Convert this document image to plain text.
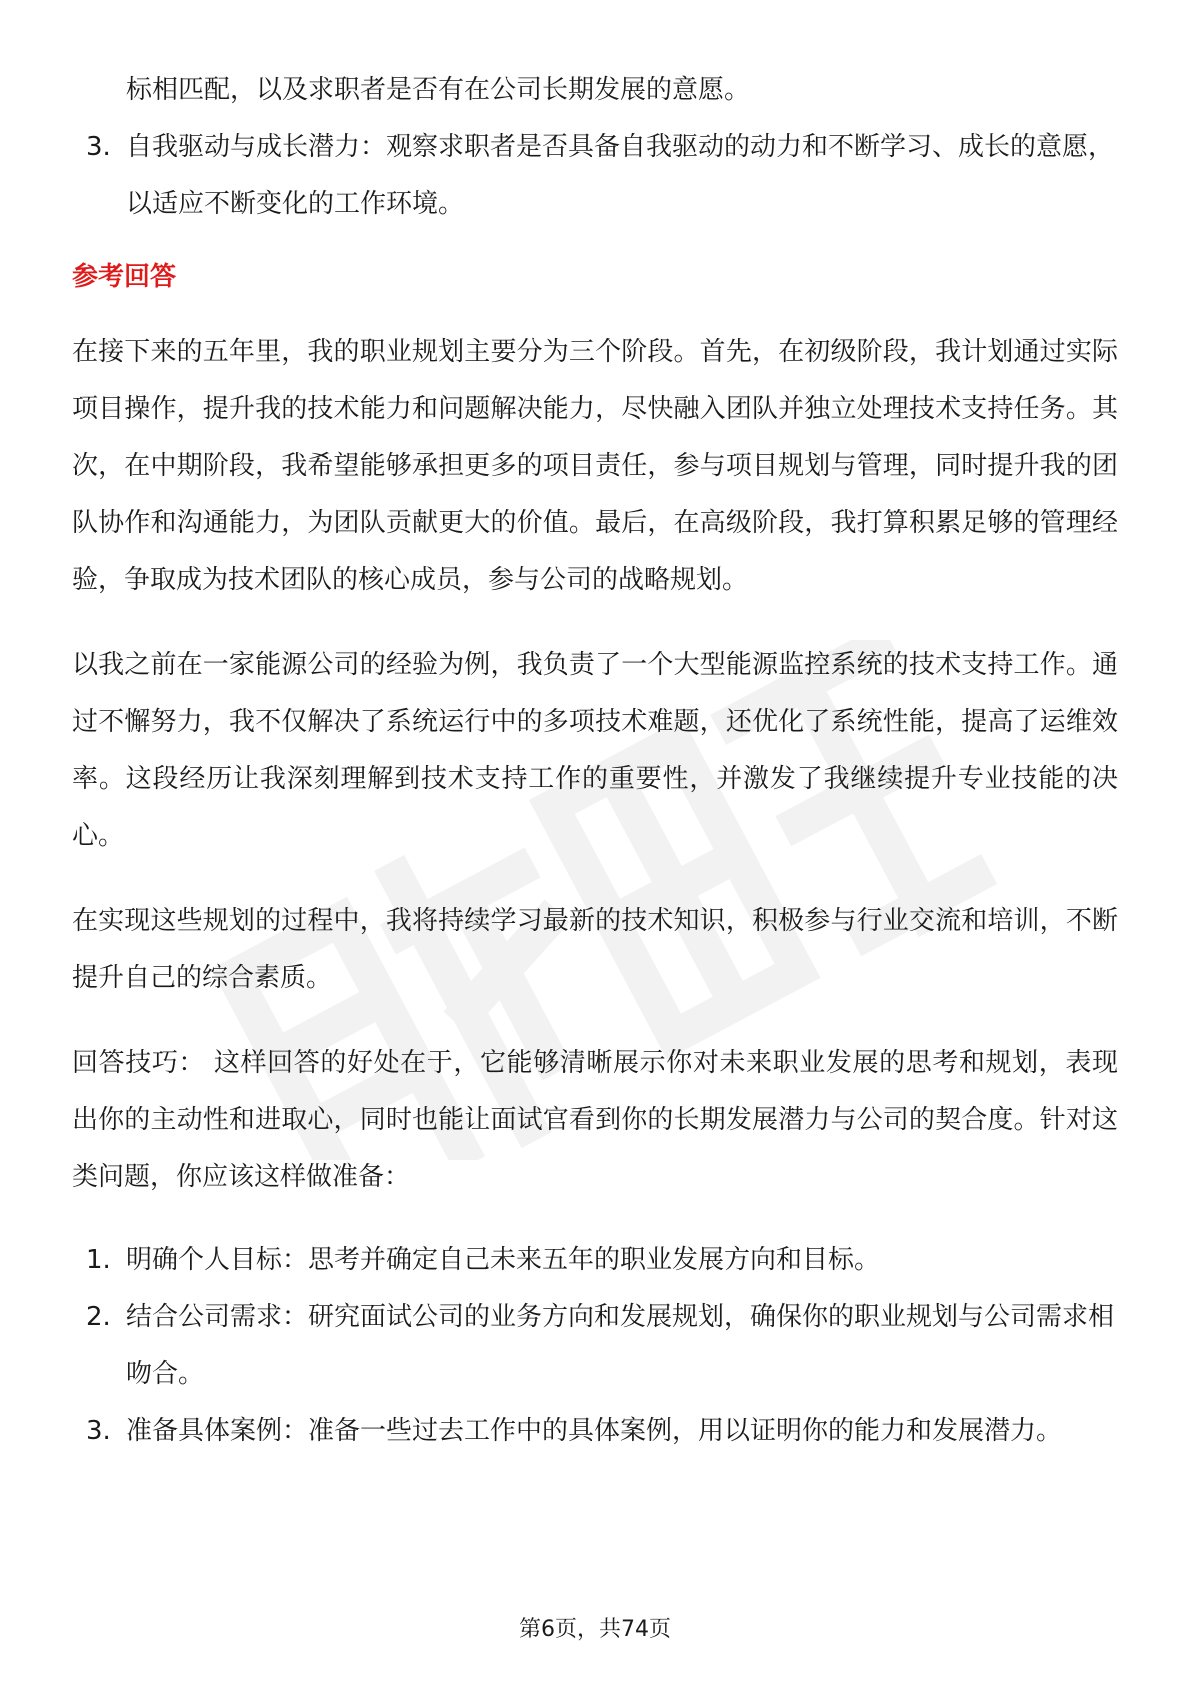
标相匹配，以及求职者是否有在公司长期发展的意愿。
3. 自我驱动与成长潜力：观察求职者是否具备自我驱动的动力和不断学习、成长的意愿，以适应不断变化的工作环境。
参考回答
在接下来的五年里，我的职业规划主要分为三个阶段。首先，在初级阶段，我计划通过实际项目操作，提升我的技术能力和问题解决能力，尽快融入团队并独立处理技术支持任务。其次，在中期阶段，我希望能够承担更多的项目责任，参与项目规划与管理，同时提升我的团队协作和沟通能力，为团队贡献更大的价值。最后，在高级阶段，我打算积累足够的管理经验，争取成为技术团队的核心成员，参与公司的战略规划。
以我之前在一家能源公司的经验为例，我负责了一个大型能源监控系统的技术支持工作。通过不懈努力，我不仅解决了系统运行中的多项技术难题，还优化了系统性能，提高了运维效率。这段经历让我深刻理解到技术支持工作的重要性，并激发了我继续提升专业技能的决心。
在实现这些规划的过程中，我将持续学习最新的技术知识，积极参与行业交流和培训，不断提升自己的综合素质。
回答技巧： 这样回答的好处在于，它能够清晰展示你对未来职业发展的思考和规划，表现出你的主动性和进取心，同时也能让面试官看到你的长期发展潜力与公司的契合度。针对这类问题，你应该这样做准备：
1. 明确个人目标：思考并确定自己未来五年的职业发展方向和目标。
2. 结合公司需求：研究面试公司的业务方向和发展规划，确保你的职业规划与公司需求相吻合。
3. 准备具体案例：准备一些过去工作中的具体案例，用以证明你的能力和发展潜力。
第6页，共74页
